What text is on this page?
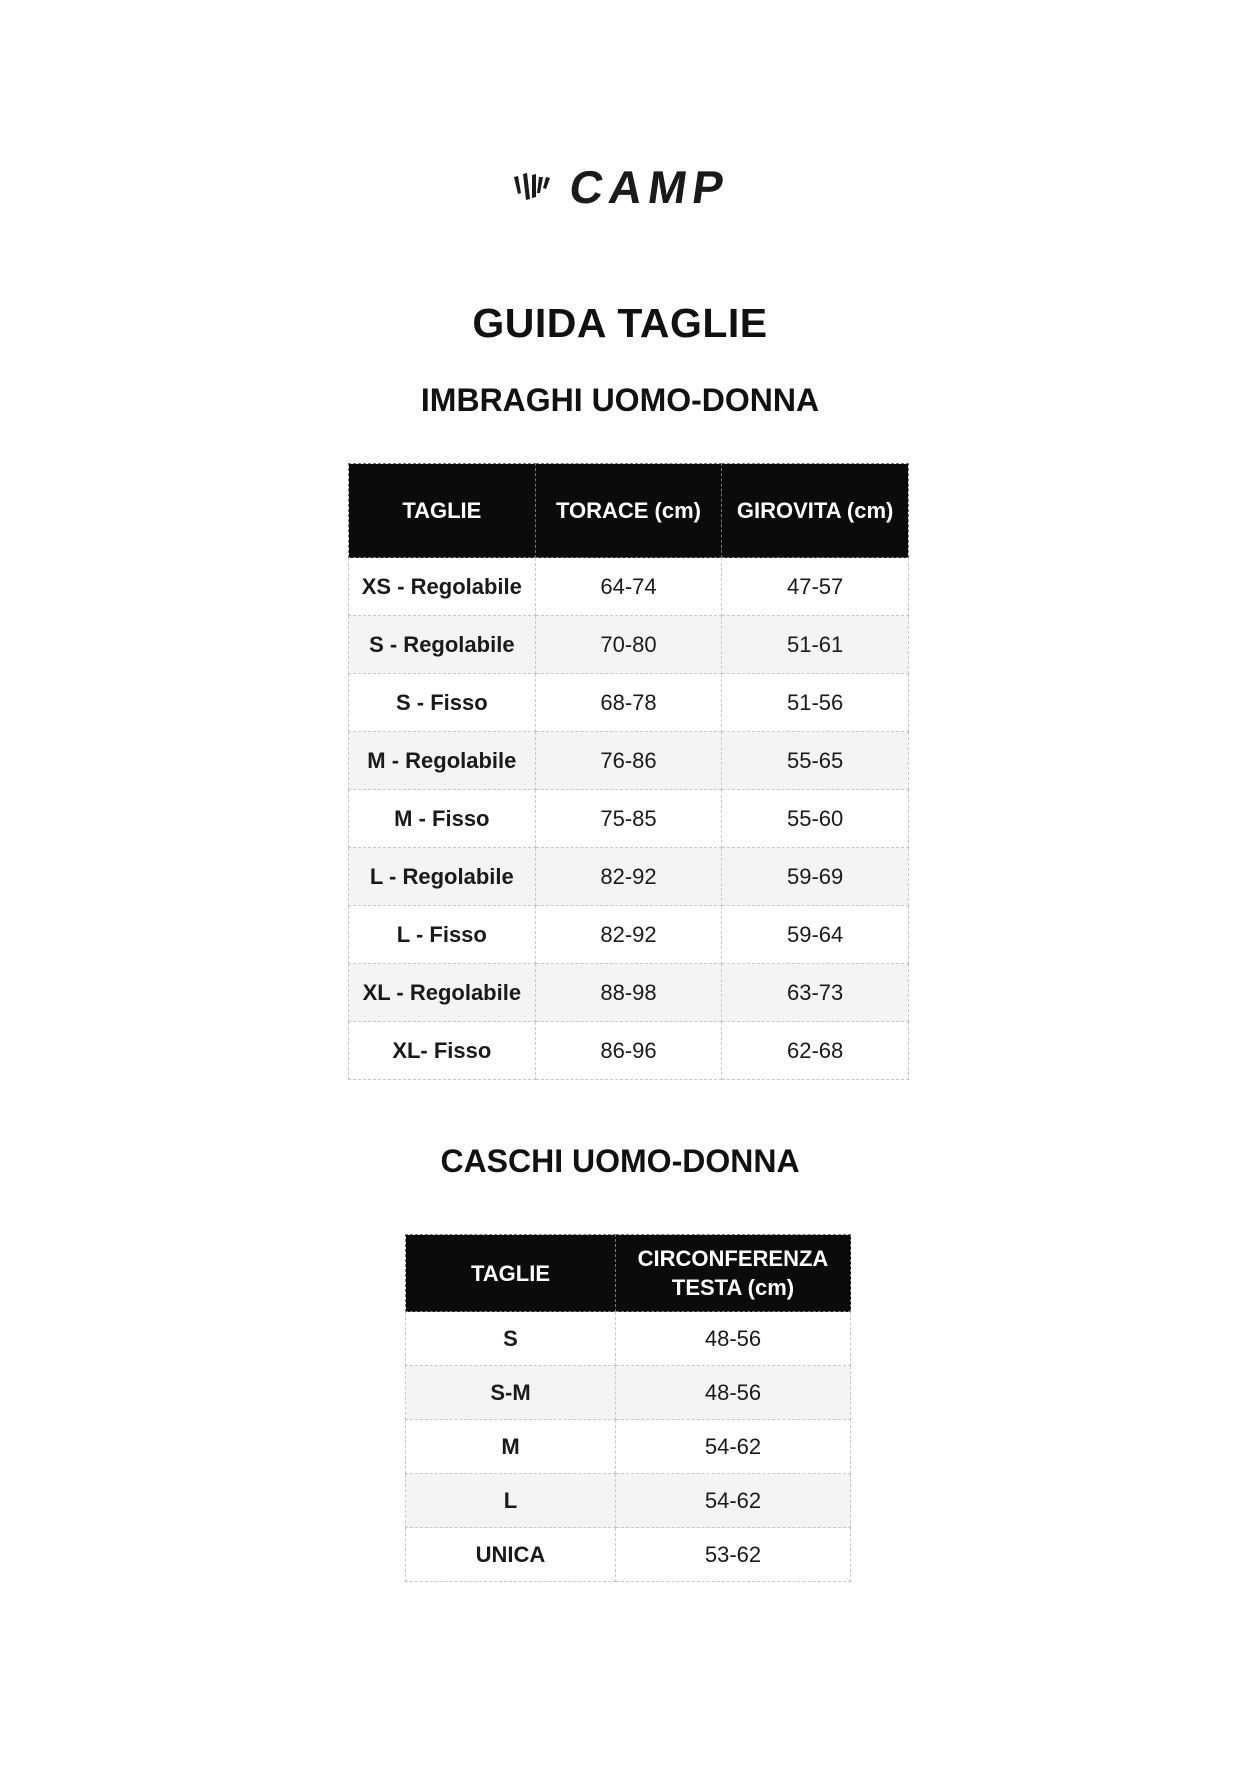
CAMP
GUIDA TAGLIE
IMBRAGHI UOMO-DONNA
TAGLIE	TORACE (cm)	GIROVITA (cm)
XS - Regolabile	64-74	47-57
S - Regolabile	70-80	51-61
S - Fisso	68-78	51-56
M - Regolabile	76-86	55-65
M - Fisso	75-85	55-60
L - Regolabile	82-92	59-69
L - Fisso	82-92	59-64
XL - Regolabile	88-98	63-73
XL- Fisso	86-96	62-68
CASCHI UOMO-DONNA
TAGLIE	CIRCONFERENZA TESTA (cm)
S	48-56
S-M	48-56
M	54-62
L	54-62
UNICA	53-62
